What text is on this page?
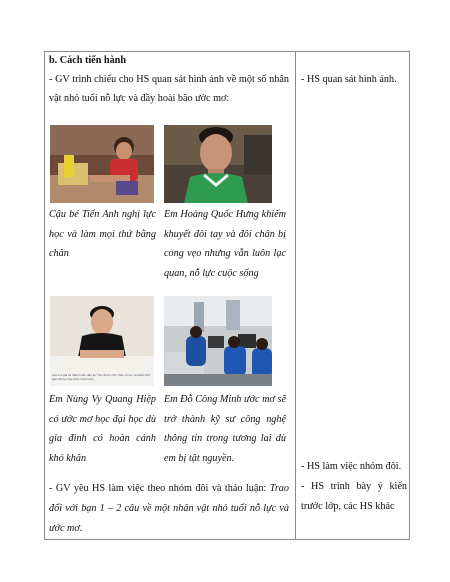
b. Cách tiến hành
- GV trình chiếu cho HS quan sát hình ảnh về một số nhân vật nhỏ tuổi nỗ lực và đầy hoài bão ước mơ:
- HS quan sát hình ảnh.
Cậu bé Tiến Anh nghị lực học và làm mọi thứ bằng chân
Em Hoàng Quốc Hưng khiếm khuyết đôi tay và đôi chân bị cong vẹo nhưng vẫn luôn lạc quan, nỗ lực cuộc sống
Các em gái và thanh niên dân tộc Tày được nhìn thấy nỗ lực và dành thời gian để học tập (ảnh minh họa)
Em Nùng Vy Quang Hiệp có ước mơ học đại học dù gia đình có hoàn cảnh khó khăn
Em Đỗ Công Minh ước mơ sẽ trở thành kỹ sư công nghệ thông tin trong tương lai dù em bị tật nguyền.
- GV yêu HS làm việc theo nhóm đôi và thảo luận: Trao đổi với bạn 1 – 2 câu về một nhân vật nhỏ tuổi nỗ lực và ước mơ.
- HS làm việc nhóm đôi.
- HS trình bày ý kiến trước lớp, các HS khác
